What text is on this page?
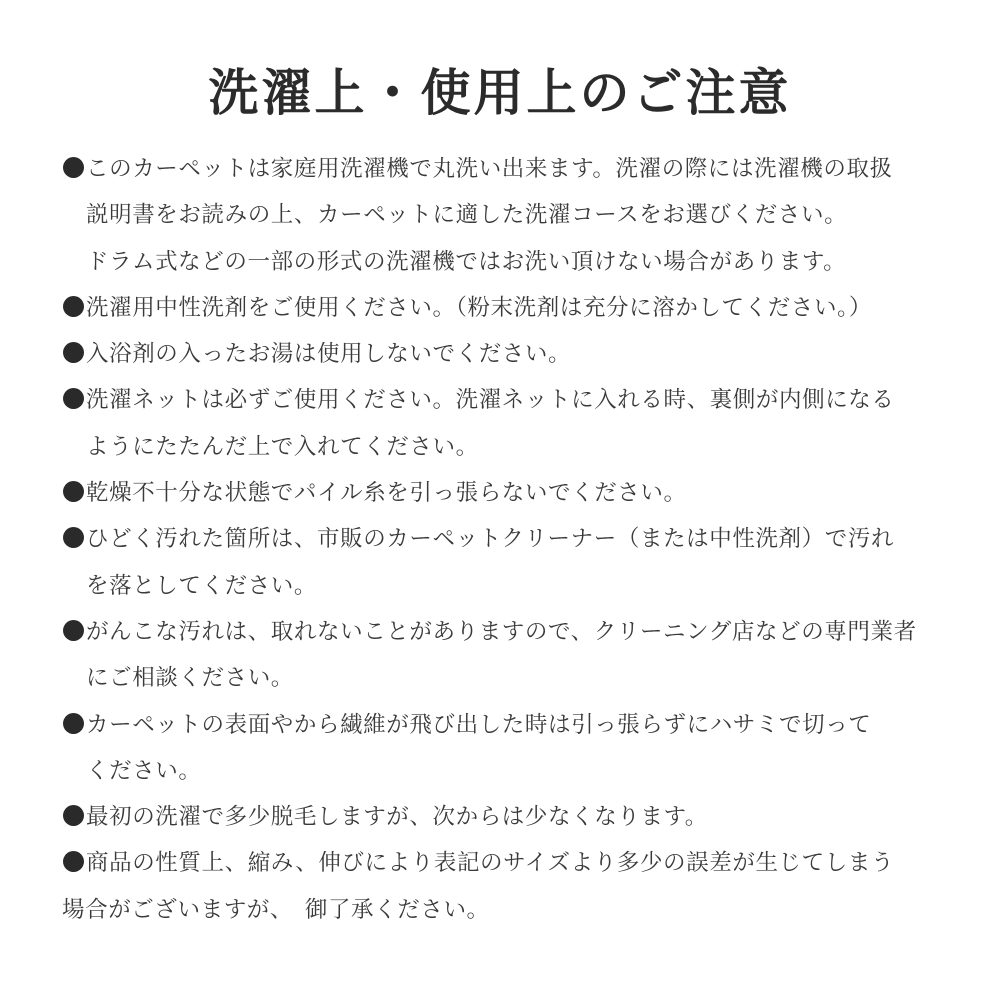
洗濯上・使用上のご注意
このカーペットは家庭用洗濯機で丸洗い出来ます。洗濯の際には洗濯機の取扱
説明書をお読みの上、カーペットに適した洗濯コースをお選びください。
ドラム式などの一部の形式の洗濯機ではお洗い頂けない場合があります。
洗濯用中性洗剤をご使用ください。（粉末洗剤は充分に溶かしてください。）
入浴剤の入ったお湯は使用しないでください。
洗濯ネットは必ずご使用ください。洗濯ネットに入れる時、裏側が内側になる
ようにたたんだ上で入れてください。
乾燥不十分な状態でパイル糸を引っ張らないでください。
ひどく汚れた箇所は、市販のカーペットクリーナー（または中性洗剤）で汚れ
を落としてください。
がんこな汚れは、取れないことがありますので、クリーニング店などの専門業者
にご相談ください。
カーペットの表面やから繊維が飛び出した時は引っ張らずにハサミで切って
ください。
最初の洗濯で多少脱毛しますが、次からは少なくなります。
商品の性質上、縮み、伸びにより表記のサイズより多少の誤差が生じてしまう
場合がございますが、　御了承ください。
